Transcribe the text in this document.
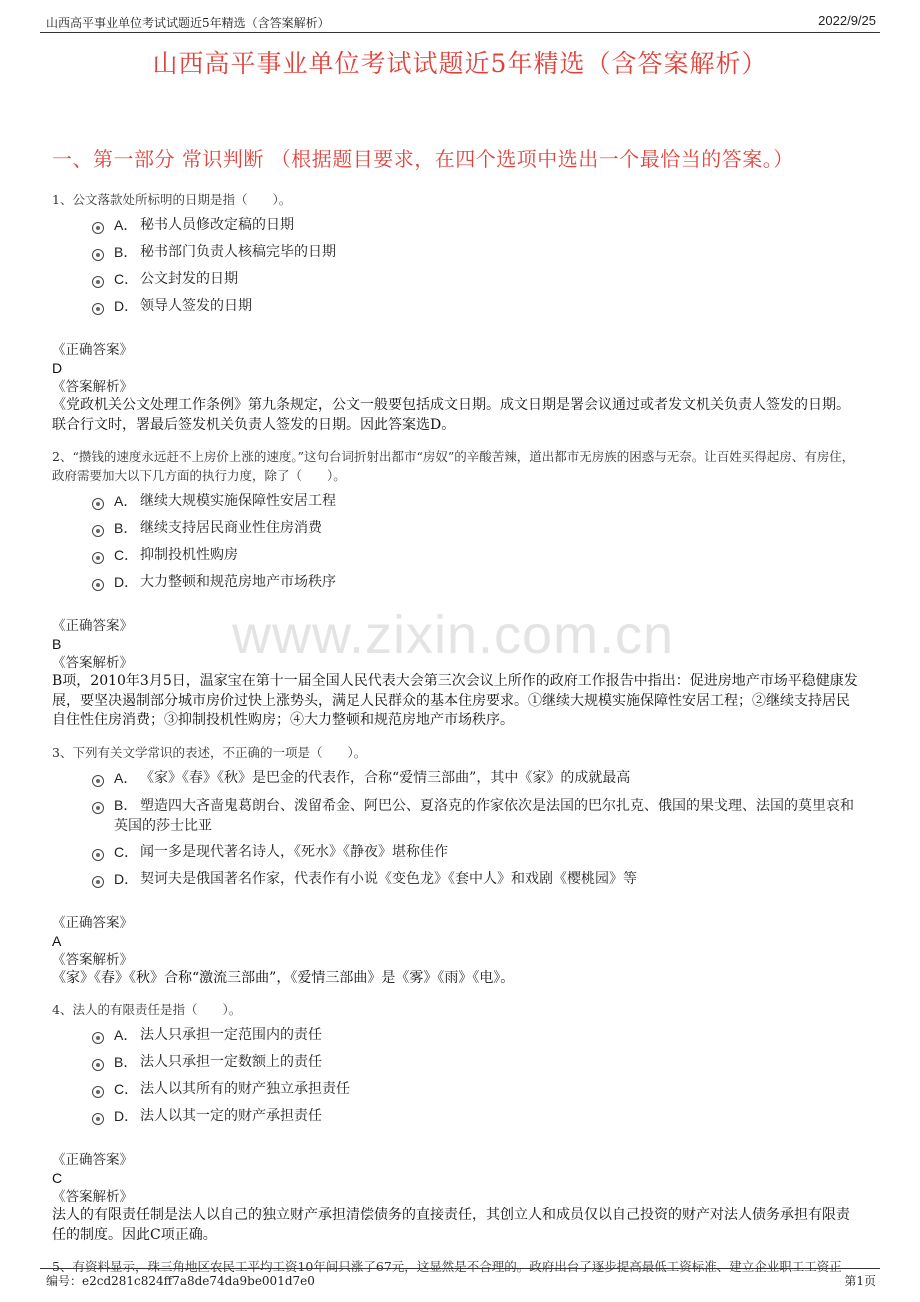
山西高平事业单位考试试题近5年精选（含答案解析）	2022/9/25
www.zixin.com.cn
山西高平事业单位考试试题近5年精选（含答案解析）
一、第一部分 常识判断 （根据题目要求，在四个选项中选出一个最恰当的答案。）

1、公文落款处所标明的日期是指（　　）。

A． 秘书人员修改定稿的日期
B． 秘书部门负责人核稿完毕的日期
C． 公文封发的日期
D． 领导人签发的日期
《正确答案》
D
《答案解析》
《党政机关公文处理工作条例》第九条规定，公文一般要包括成文日期。成文日期是署会议通过或者发文机关负责人签发的日期。联合行文时，署最后签发机关负责人签发的日期。因此答案选D。

2、“攒钱的速度永远赶不上房价上涨的速度。”这句台词折射出都市“房奴”的辛酸苦辣，道出都市无房族的困惑与无奈。让百姓买得起房、有房住，政府需要加大以下几方面的执行力度，除了（　　）。

A． 继续大规模实施保障性安居工程
B． 继续支持居民商业性住房消费
C． 抑制投机性购房
D． 大力整顿和规范房地产市场秩序
《正确答案》
B
《答案解析》
B项，2010年3月5日，温家宝在第十一届全国人民代表大会第三次会议上所作的政府工作报告中指出：促进房地产市场平稳健康发展，要坚决遏制部分城市房价过快上涨势头，满足人民群众的基本住房要求。①继续大规模实施保障性安居工程；②继续支持居民自住性住房消费；③抑制投机性购房；④大力整顿和规范房地产市场秩序。

3、下列有关文学常识的表述，不正确的一项是（　　）。

A． 《家》《春》《秋》是巴金的代表作，合称“爱情三部曲”，其中《家》的成就最高
B． 塑造四大吝啬鬼葛朗台、泼留希金、阿巴公、夏洛克的作家依次是法国的巴尔扎克、俄国的果戈理、法国的莫里哀和英国的莎士比亚
C． 闻一多是现代著名诗人，《死水》《静夜》堪称佳作
D． 契诃夫是俄国著名作家，代表作有小说《变色龙》《套中人》和戏剧《樱桃园》等
《正确答案》
A
《答案解析》
《家》《春》《秋》合称“激流三部曲”，《爱情三部曲》是《雾》《雨》《电》。

4、法人的有限责任是指（　　）。

A． 法人只承担一定范围内的责任
B． 法人只承担一定数额上的责任
C． 法人以其所有的财产独立承担责任
D． 法人以其一定的财产承担责任
《正确答案》
C
《答案解析》
法人的有限责任制是法人以自己的独立财产承担清偿债务的直接责任，其创立人和成员仅以自己投资的财产对法人债务承担有限责任的制度。因此C项正确。

5、有资料显示，珠三角地区农民工平均工资10年间只涨了67元，这显然是不合理的。政府出台了逐步提高最低工资标准、建立企业职工工资正

编号：e2cd281c824ff7a8de74da9be001d7e0	第1页
